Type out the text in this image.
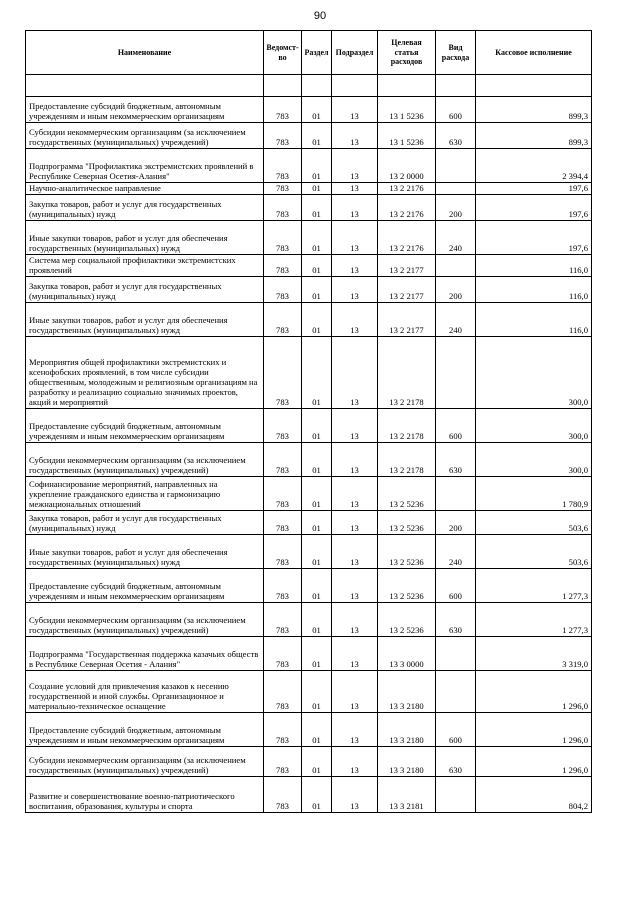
90
Наименование	Ведомст-во	Раздел	Подраздел	Целевая статья расходов	Вид расхода	Кассовое исполнение

Предоставление субсидий бюджетным, автономным учреждениям и иным некоммерческим организациям	783	01	13	13 1 5236	600	899,3
Субсидии некоммерческим организациям (за исключением государственных (муниципальных) учреждений)	783	01	13	13 1 5236	630	899,3
Подпрограмма "Профилактика экстремистских проявлений в Республике Северная Осетия-Алания"	783	01	13	13 2 0000		2 394,4
Научно-аналитическое направление	783	01	13	13 2 2176		197,6
Закупка товаров, работ и услуг для государственных (муниципальных) нужд	783	01	13	13 2 2176	200	197,6
Иные закупки товаров, работ и услуг для обеспечения государственных (муниципальных) нужд	783	01	13	13 2 2176	240	197,6
Система мер социальной профилактики экстремистских проявлений	783	01	13	13 2 2177		116,0
Закупка товаров, работ и услуг для государственных (муниципальных) нужд	783	01	13	13 2 2177	200	116,0
Иные закупки товаров, работ и услуг для обеспечения государственных (муниципальных) нужд	783	01	13	13 2 2177	240	116,0
Мероприятия общей профилактики экстремистских и ксенофобских проявлений, в том числе субсидии общественным, молодежным и религиозным организациям на разработку и реализацию социально значимых проектов, акций и мероприятий	783	01	13	13 2 2178		300,0
Предоставление субсидий бюджетным, автономным учреждениям и иным некоммерческим организациям	783	01	13	13 2 2178	600	300,0
Субсидии некоммерческим организациям (за исключением государственных (муниципальных) учреждений)	783	01	13	13 2 2178	630	300,0
Софинансирование мероприятий, направленных на укрепление гражданского единства и гармонизацию межнациональных отношений	783	01	13	13 2 5236		1 780,9
Закупка товаров, работ и услуг для государственных (муниципальных) нужд	783	01	13	13 2 5236	200	503,6
Иные закупки товаров, работ и услуг для обеспечения государственных (муниципальных) нужд	783	01	13	13 2 5236	240	503,6
Предоставление субсидий бюджетным, автономным учреждениям и иным некоммерческим организациям	783	01	13	13 2 5236	600	1 277,3
Субсидии некоммерческим организациям (за исключением государственных (муниципальных) учреждений)	783	01	13	13 2 5236	630	1 277,3
Подпрограмма "Государственная поддержка казачьих обществ в Республике Северная Осетия - Алания"	783	01	13	13 3 0000		3 319,0
Создание условий для привлечения казаков к несению государственной и иной службы. Организационное и материально-техническое оснащение	783	01	13	13 3 2180		1 296,0
Предоставление субсидий бюджетным, автономным учреждениям и иным некоммерческим организациям	783	01	13	13 3 2180	600	1 296,0
Субсидии некоммерческим организациям (за исключением государственных (муниципальных) учреждений)	783	01	13	13 3 2180	630	1 296,0
Развитие и совершенствование военно-патриотического воспитания, образования, культуры и спорта	783	01	13	13 3 2181		804,2
